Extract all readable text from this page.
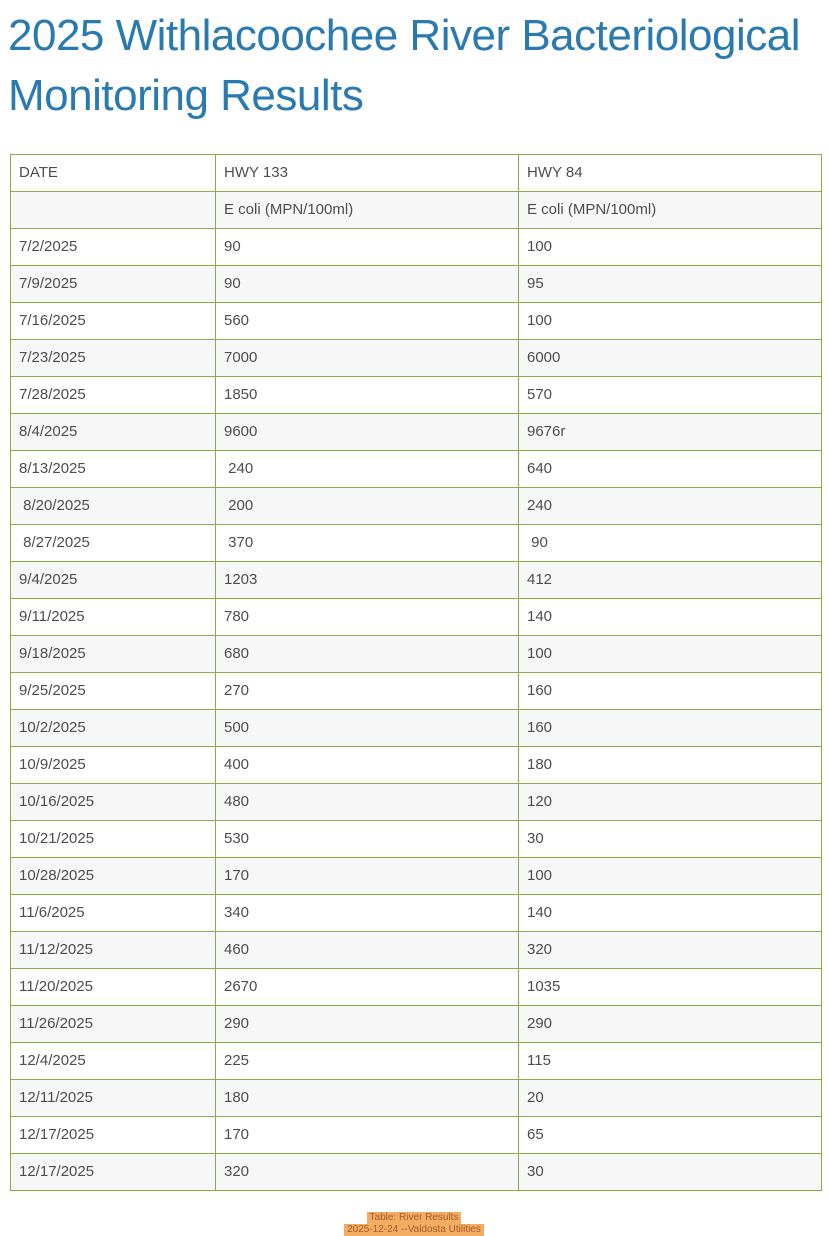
2025 Withlacoochee River Bacteriological
Monitoring Results
DATE	HWY 133	HWY 84
	E coli (MPN/100ml)	E coli (MPN/100ml)
7/2/2025	90	100
7/9/2025	90	95
7/16/2025	560	100
7/23/2025	7000	6000
7/28/2025	1850	570
8/4/2025	9600	9676r
8/13/2025	240	640
8/20/2025	200	240
8/27/2025	370	90
9/4/2025	1203	412
9/11/2025	780	140
9/18/2025	680	100
9/25/2025	270	160
10/2/2025	500	160
10/9/2025	400	180
10/16/2025	480	120
10/21/2025	530	30
10/28/2025	170	100
11/6/2025	340	140
11/12/2025	460	320
11/20/2025	2670	1035
11/26/2025	290	290
12/4/2025	225	115
12/11/2025	180	20
12/17/2025	170	65
12/17/2025	320	30
Table: River Results
2025-12-24 --Valdosta Utilities
